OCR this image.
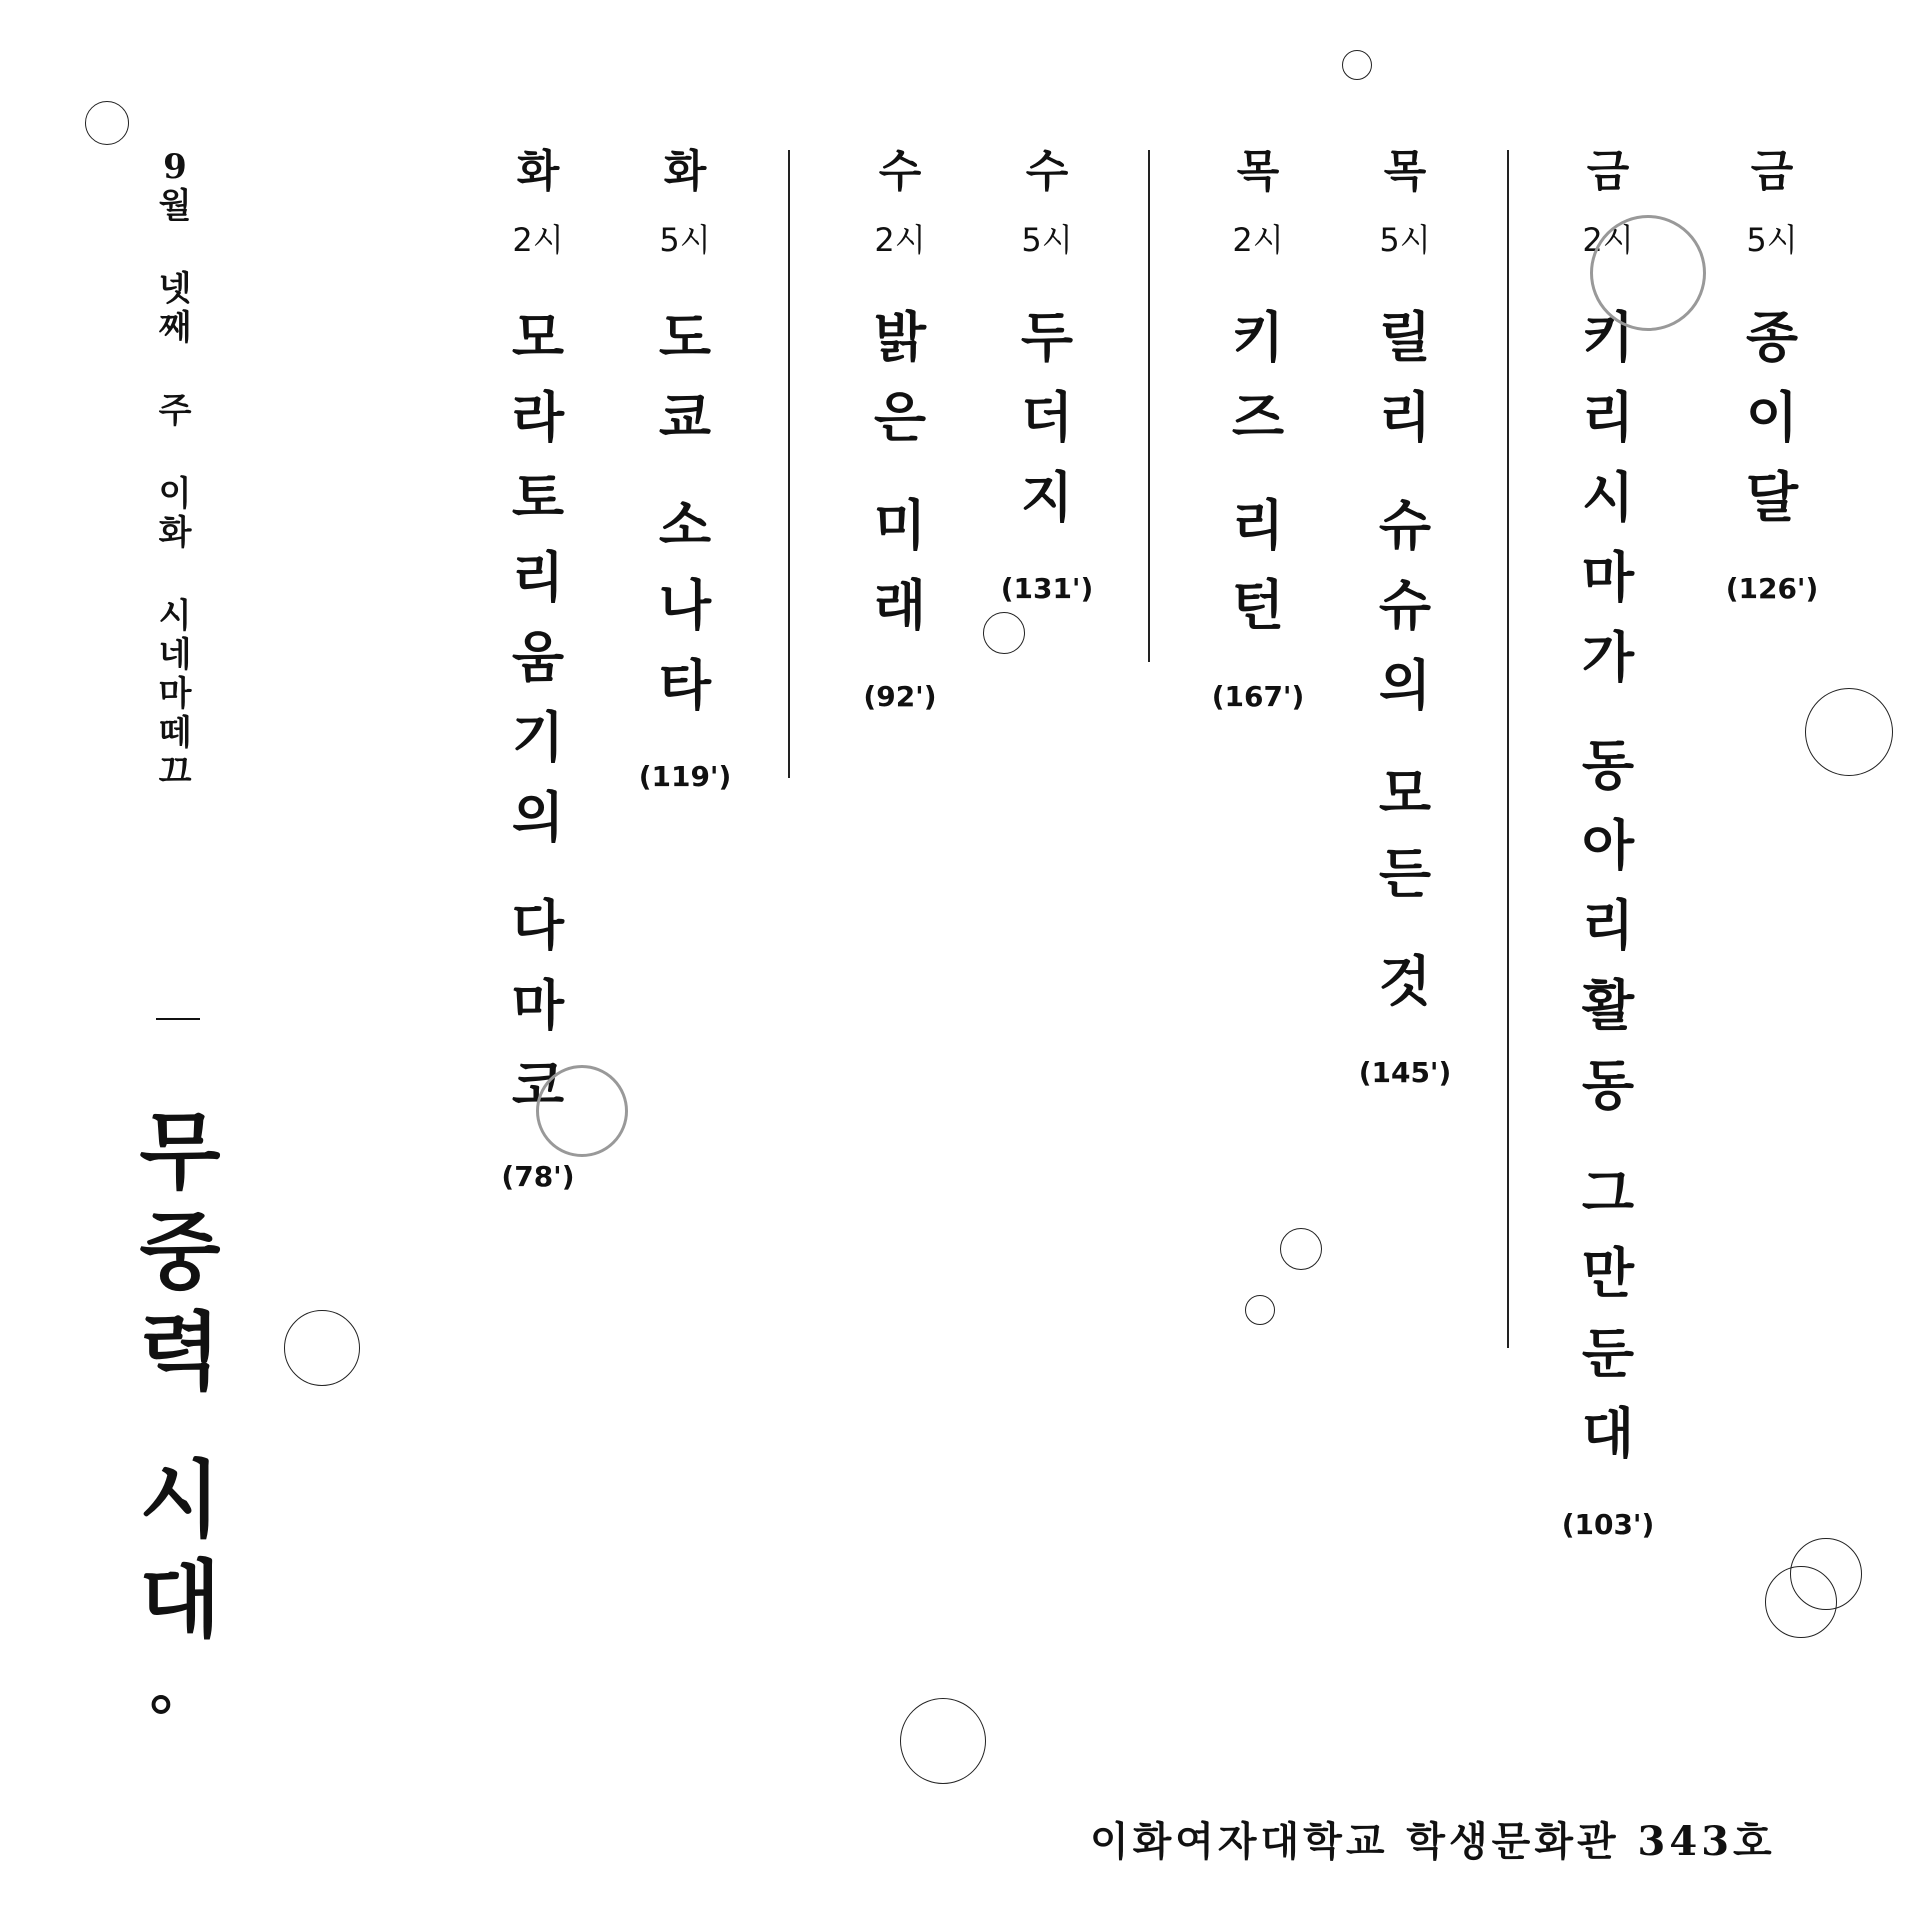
9
월
넷
째
주
이
화
시
네
마
떼
끄
무
중
력
시
대
。
화
2시
모
라
토
리
움
기
의
다
마
코
(78')
화
5시
도
쿄
소
나
타
(119')
수
2시
밝
은
미
래
(92')
수
5시
두
더
지
(131')
목
2시
키
즈
리
턴
(167')
목
5시
릴
리
슈
슈
의
모
든
것
(145')
금
2시
키
리
시
마
가
동
아
리
활
동
그
만
둔
대
(103')
금
5시
종
이
달
(126')
이화여자대학교 학생문화관 343호
